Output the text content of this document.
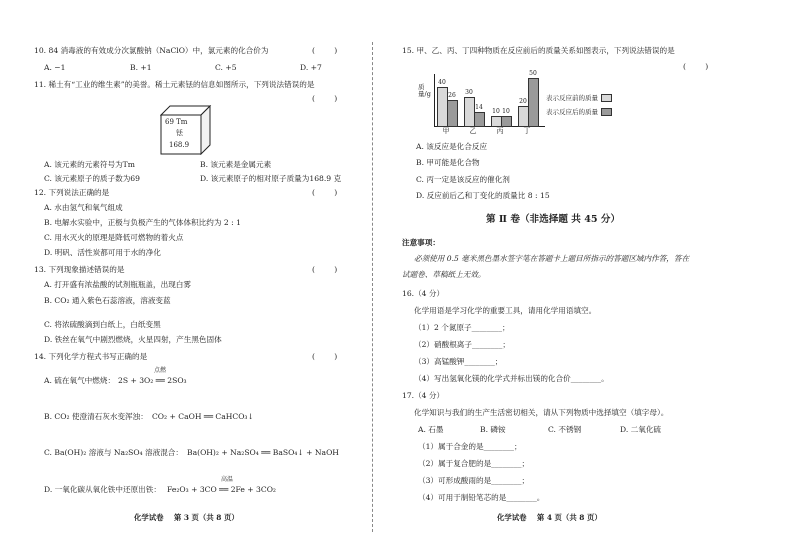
10. 84 消毒液的有效成分次氯酸钠（NaClO）中，氯元素的化合价为	(        )
A. −1	B. +1	C. +5	D. +7
11. 稀土有“工业的维生素”的美誉。稀土元素铥的信息如图所示，下列说法错误的是
(        )
69 Tm
铥
168.9
A. 该元素的元素符号为Tm	B. 该元素是金属元素
C. 该元素原子的质子数为69	D. 该元素原子的相对原子质量为168.9 克
12. 下列说法正确的是	(        )
A. 水由氢气和氧气组成
B. 电解水实验中，正极与负极产生的气体体积比约为 2 : 1
C. 用水灭火的原理是降低可燃物的着火点
D. 明矾、活性炭都可用于水的净化
13. 下列现象描述错误的是	(        )
A. 打开盛有浓盐酸的试剂瓶瓶盖，出现白雾
B. CO₂ 通入紫色石蕊溶液，溶液变蓝
C. 将浓硫酸滴到白纸上，白纸变黑
D. 铁丝在氧气中剧烈燃烧，火星四射，产生黑色固体
14. 下列化学方程式书写正确的是	(        )
A. 硫在氧气中燃烧：
点燃
2S + 3O₂ ══ 2SO₃
B. CO₂ 使澄清石灰水变浑浊： CO₂ + CaOH ══ CaHCO₃↓
C. Ba(OH)₂ 溶液与 Na₂SO₄ 溶液混合： Ba(OH)₂ + Na₂SO₄ ══ BaSO₄↓ + NaOH
D. 一氧化碳从氧化铁中还原出铁：
高温
Fe₂O₃ + 3CO ══ 2Fe + 3CO₂
化学试卷    第 3 页（共 8 页）
15. 甲、乙、丙、丁四种物质在反应前后的质量关系如图表示，下列说法错误的是
(        )
质量/g
40
26	30
14
10 10
20
50
甲	乙	丙	丁
表示反应前的质量
表示反应后的质量
A. 该反应是化合反应
B. 甲可能是化合物
C. 丙一定是该反应的催化剂
D. 反应前后乙和丁变化的质量比 8 : 15
第 Ⅱ 卷（非选择题 共 45 分）
注意事项：
必须使用 0.5 毫米黑色墨水签字笔在答题卡上题目所指示的答题区域内作答，答在
试题卷、草稿纸上无效。
16.（4 分）
化学用语是学习化学的重要工具，请用化学用语填空。
（1）2 个氮原子________；
（2）硝酸根离子________；
（3）高锰酸钾________；
（4）写出氢氧化镁的化学式并标出镁的化合价________。
17.（4 分）
化学知识与我们的生产生活密切相关，请从下列物质中选择填空（填字母）。
A. 石墨	B. 磷铵	C. 不锈钢	D. 二氧化硫
（1）属于合金的是________；
（2）属于复合肥的是________；
（3）可形成酸雨的是________；
（4）可用于制铅笔芯的是________。
化学试卷    第 4 页（共 8 页）
